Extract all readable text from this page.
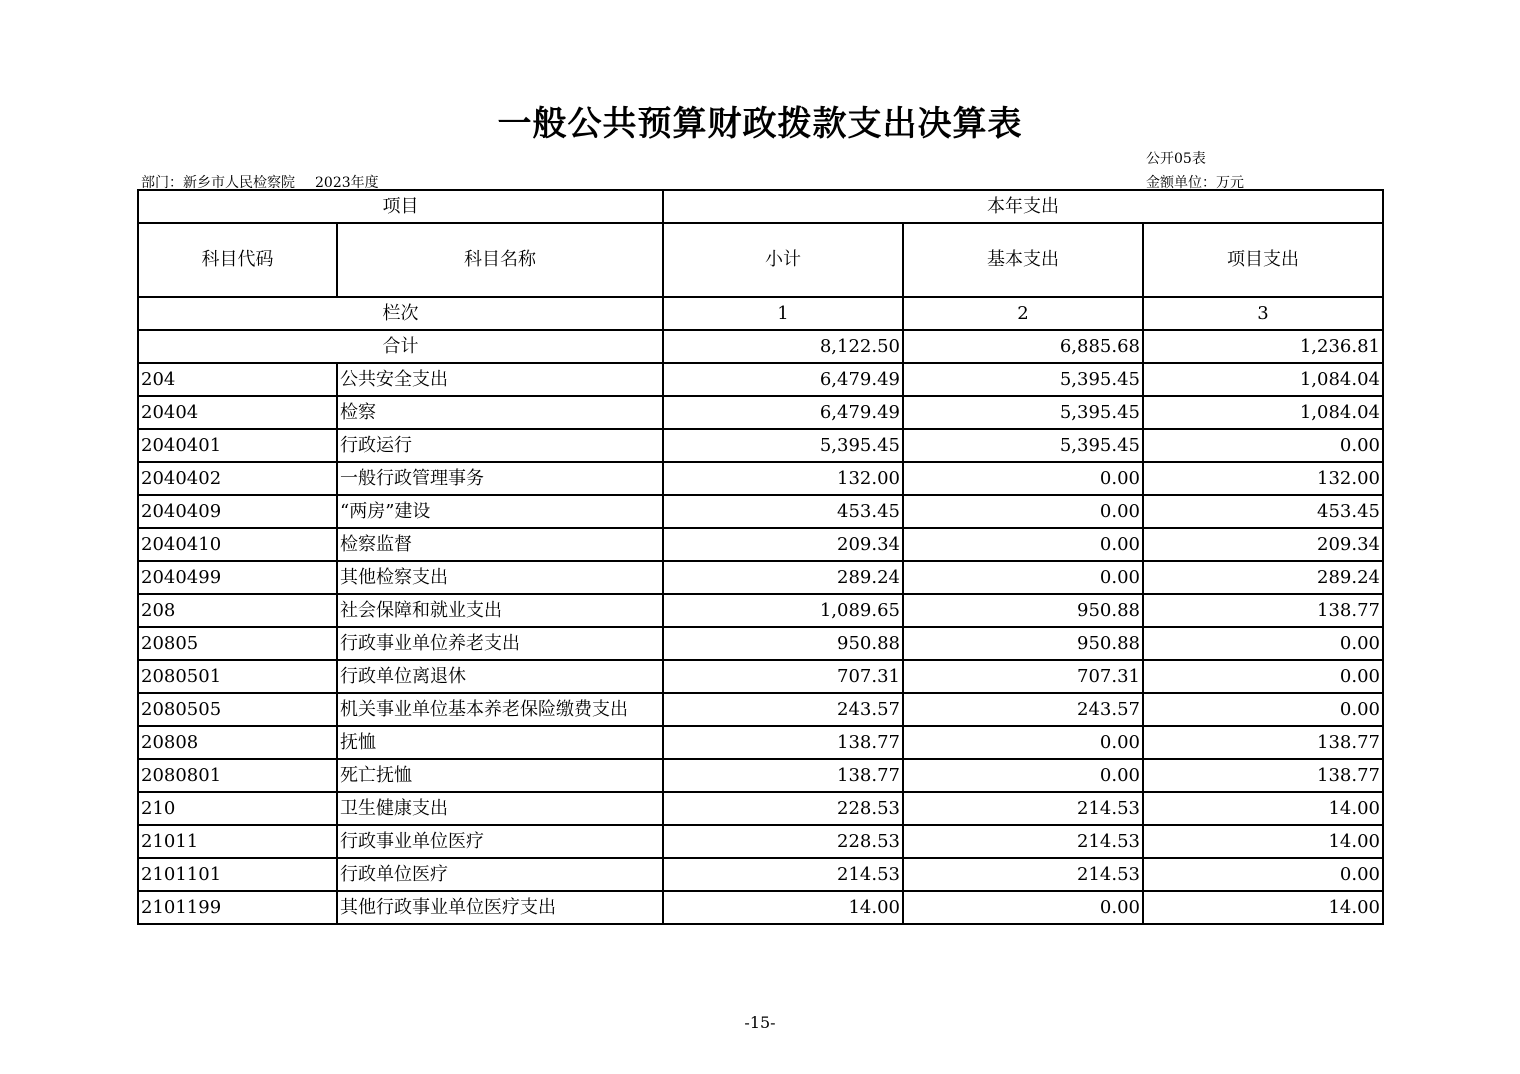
一般公共预算财政拨款支出决算表
公开05表
部门：新乡市人民检察院 2023年度	金额单位：万元
项目		本年支出		
科目代码	科目名称	小计	基本支出	项目支出
栏次		1	2	3
合计		8,122.50	6,885.68	1,236.81
204	公共安全支出	6,479.49	5,395.45	1,084.04
20404	检察	6,479.49	5,395.45	1,084.04
2040401	行政运行	5,395.45	5,395.45	0.00
2040402	一般行政管理事务	132.00	0.00	132.00
2040409	“两房”建设	453.45	0.00	453.45
2040410	检察监督	209.34	0.00	209.34
2040499	其他检察支出	289.24	0.00	289.24
208	社会保障和就业支出	1,089.65	950.88	138.77
20805	行政事业单位养老支出	950.88	950.88	0.00
2080501	行政单位离退休	707.31	707.31	0.00
2080505	机关事业单位基本养老保险缴费支出	243.57	243.57	0.00
20808	抚恤	138.77	0.00	138.77
2080801	死亡抚恤	138.77	0.00	138.77
210	卫生健康支出	228.53	214.53	14.00
21011	行政事业单位医疗	228.53	214.53	14.00
2101101	行政单位医疗	214.53	214.53	0.00
2101199	其他行政事业单位医疗支出	14.00	0.00	14.00
-15-
